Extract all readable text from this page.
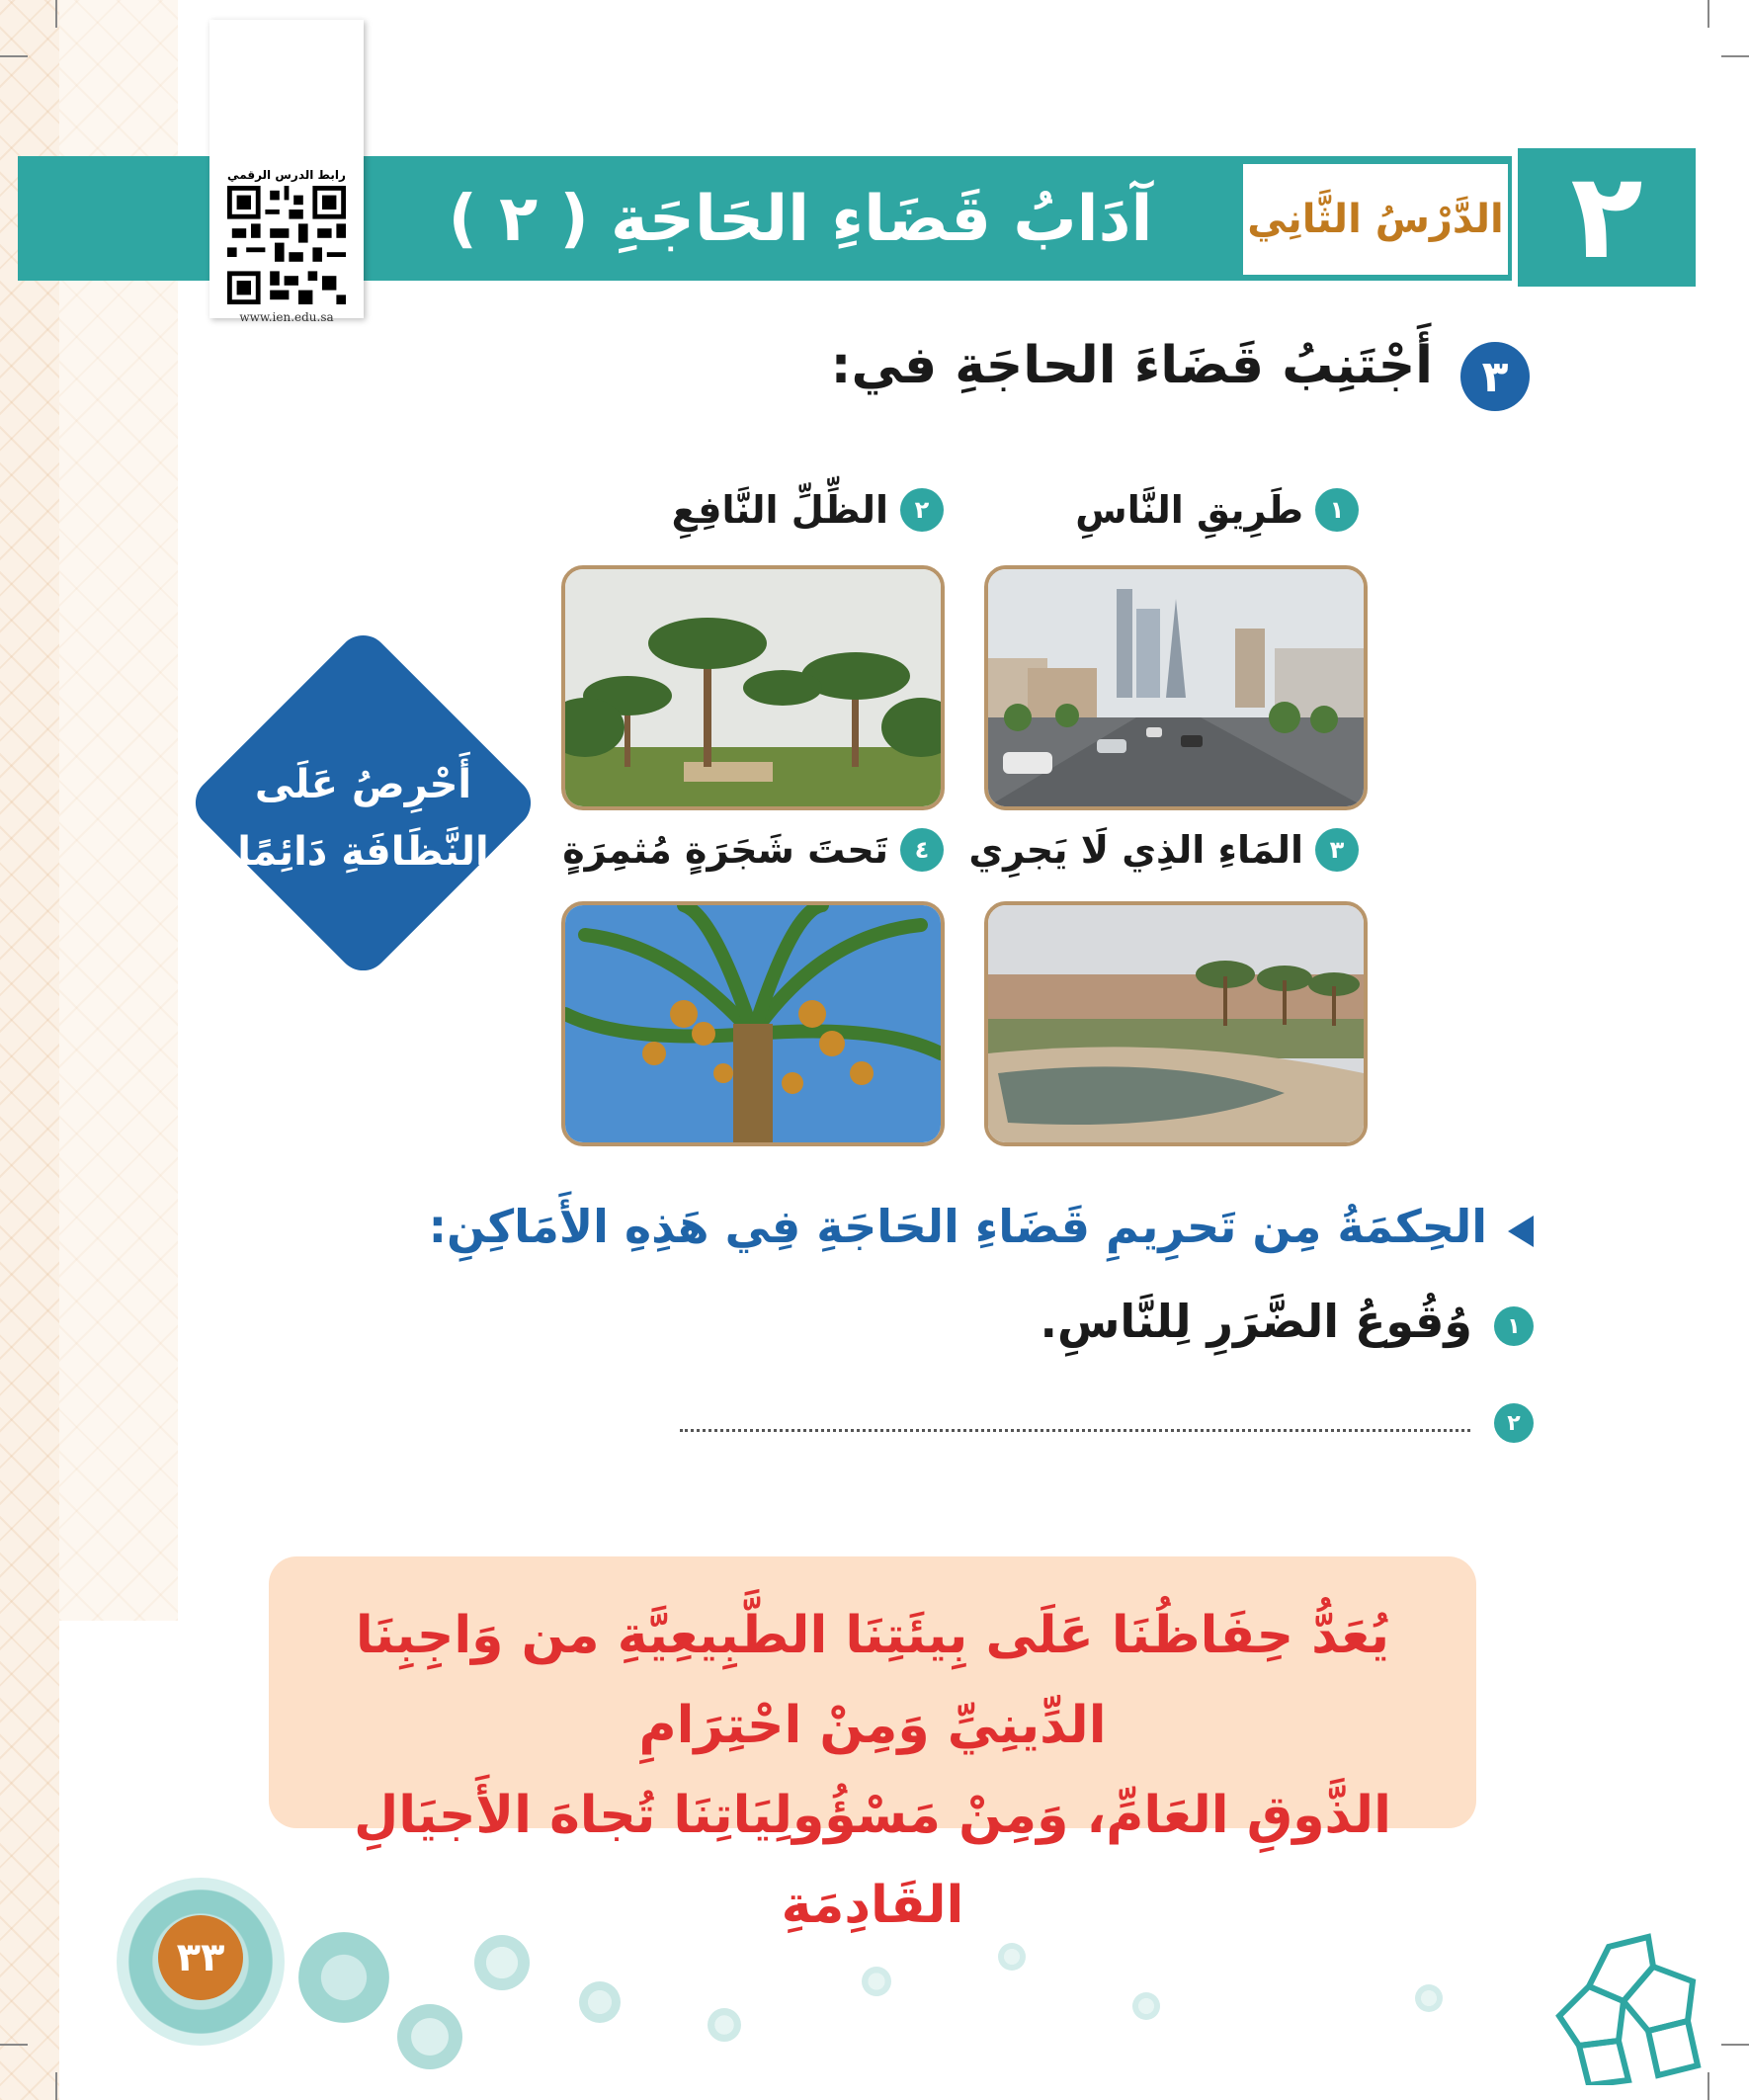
٢
الدَّرْسُ الثَّانِي
آدَابُ قَضَاءِ الحَاجَةِ ( ٢ )
رابط الدرس الرقمي
www.ien.edu.sa
٣
أَجْتَنِبُ قَضَاءَ الحاجَةِ في:
١
طَرِيقِ النَّاسِ
٢
الظِّلِّ النَّافِعِ
٣
المَاءِ الذِي لَا يَجرِي
٤
تَحتَ شَجَرَةٍ مُثمِرَةٍ
أَحْرِصُ عَلَى
النَّظَافَةِ دَائِمًا
الحِكمَةُ مِن تَحرِيمِ قَضَاءِ الحَاجَةِ فِي هَذِهِ الأَمَاكِنِ:
١
وُقُوعُ الضَّرَرِ لِلنَّاسِ.
٢
يُعَدُّ حِفَاظُنَا عَلَى بِيئَتِنَا الطَّبِيعِيَّةِ من وَاجِبِنَا الدِّينِيِّ وَمِنْ احْتِرَامِ
الذَّوقِ العَامِّ، وَمِنْ مَسْؤُولِيَاتِنَا تُجاهَ الأَجيَالِ القَادِمَةِ
٣٣
